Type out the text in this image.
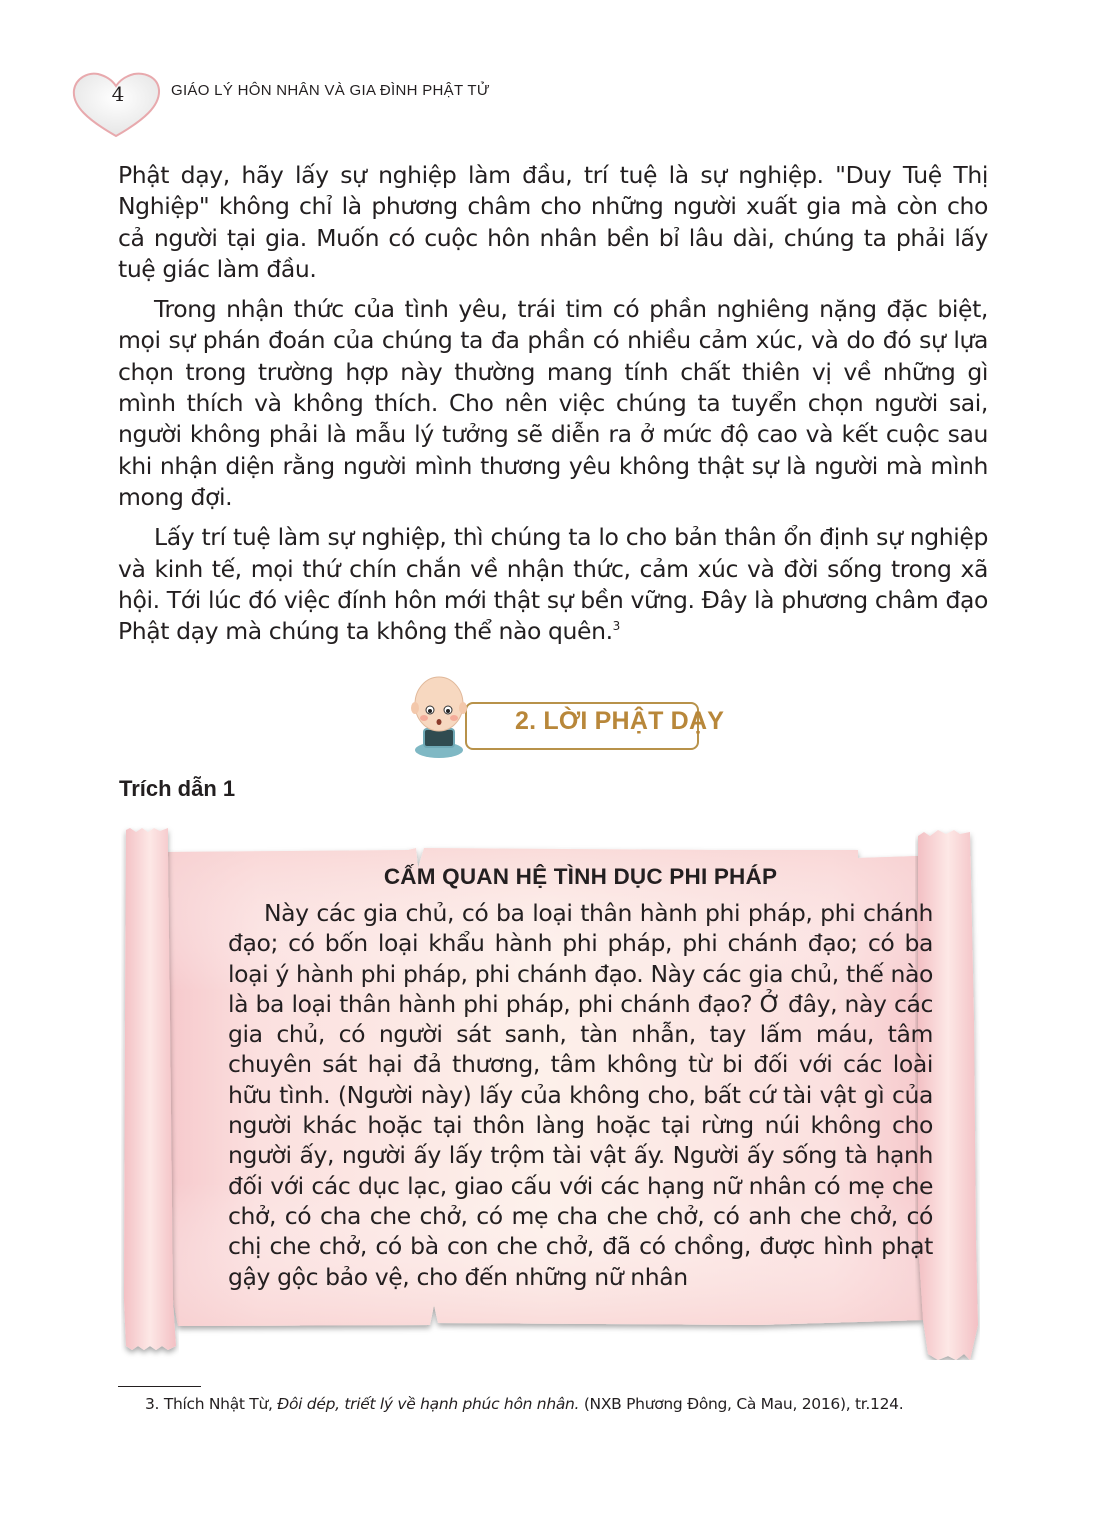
4	GIÁO LÝ HÔN NHÂN VÀ GIA ĐÌNH PHẬT TỬ

Phật dạy, hãy lấy sự nghiệp làm đầu, trí tuệ là sự nghiệp. "Duy Tuệ Thị Nghiệp" không chỉ là phương châm cho những người xuất gia mà còn cho cả người tại gia. Muốn có cuộc hôn nhân bền bỉ lâu dài, chúng ta phải lấy tuệ giác làm đầu.

Trong nhận thức của tình yêu, trái tim có phần nghiêng nặng đặc biệt, mọi sự phán đoán của chúng ta đa phần có nhiều cảm xúc, và do đó sự lựa chọn trong trường hợp này thường mang tính chất thiên vị về những gì mình thích và không thích. Cho nên việc chúng ta tuyển chọn người sai, người không phải là mẫu lý tưởng sẽ diễn ra ở mức độ cao và kết cuộc sau khi nhận diện rằng người mình thương yêu không thật sự là người mà mình mong đợi.

Lấy trí tuệ làm sự nghiệp, thì chúng ta lo cho bản thân ổn định sự nghiệp và kinh tế, mọi thứ chín chắn về nhận thức, cảm xúc và đời sống trong xã hội. Tới lúc đó việc đính hôn mới thật sự bền vững. Đây là phương châm đạo Phật dạy mà chúng ta không thể nào quên.$^3$

2. LỜI PHẬT DẠY
Trích dẫn 1

CẤM QUAN HỆ TÌNH DỤC PHI PHÁP

Này các gia chủ, có ba loại thân hành phi pháp, phi chánh đạo; có bốn loại khẩu hành phi pháp, phi chánh đạo; có ba loại ý hành phi pháp, phi chánh đạo. Này các gia chủ, thế nào là ba loại thân hành phi pháp, phi chánh đạo? Ở đây, này các gia chủ, có người sát sanh, tàn nhẫn, tay lấm máu, tâm chuyên sát hại đả thương, tâm không từ bi đối với các loài hữu tình. (Người này) lấy của không cho, bất cứ tài vật gì của người khác hoặc tại thôn làng hoặc tại rừng núi không cho người ấy, người ấy lấy trộm tài vật ấy. Người ấy sống tà hạnh đối với các dục lạc, giao cấu với các hạng nữ nhân có mẹ che chở, có cha che chở, có mẹ cha che chở, có anh che chở, có chị che chở, có bà con che chở, đã có chồng, được hình phạt gậy gộc bảo vệ, cho đến những nữ nhân

3. Thích Nhật Từ, Đôi dép, triết lý về hạnh phúc hôn nhân. (NXB Phương Đông, Cà Mau, 2016), tr.124.
